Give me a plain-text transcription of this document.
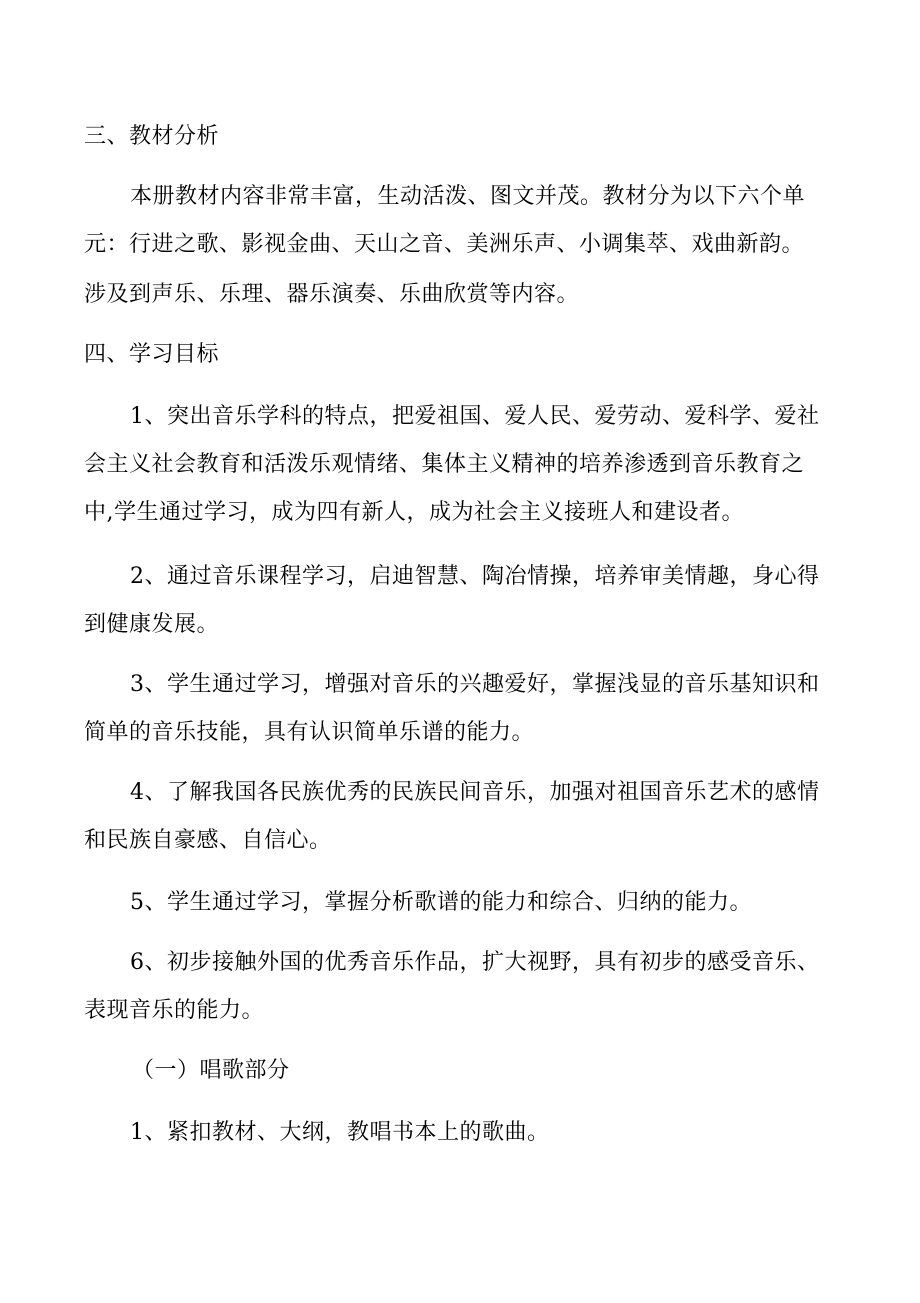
三、教材分析
本册教材内容非常丰富，生动活泼、图文并茂。教材分为以下六个单
元：行进之歌、影视金曲、天山之音、美洲乐声、小调集萃、戏曲新韵。
涉及到声乐、乐理、器乐演奏、乐曲欣赏等内容。
四、学习目标
1、突出音乐学科的特点，把爱祖国、爱人民、爱劳动、爱科学、爱社
会主义社会教育和活泼乐观情绪、集体主义精神的培养渗透到音乐教育之
中,学生通过学习，成为四有新人，成为社会主义接班人和建设者。
2、通过音乐课程学习，启迪智慧、陶冶情操，培养审美情趣，身心得
到健康发展。
3、学生通过学习，增强对音乐的兴趣爱好，掌握浅显的音乐基知识和
简单的音乐技能，具有认识简单乐谱的能力。
4、了解我国各民族优秀的民族民间音乐，加强对祖国音乐艺术的感情
和民族自豪感、自信心。
5、学生通过学习，掌握分析歌谱的能力和综合、归纳的能力。
6、初步接触外国的优秀音乐作品，扩大视野，具有初步的感受音乐、
表现音乐的能力。
（一）唱歌部分
1、紧扣教材、大纲，教唱书本上的歌曲。
